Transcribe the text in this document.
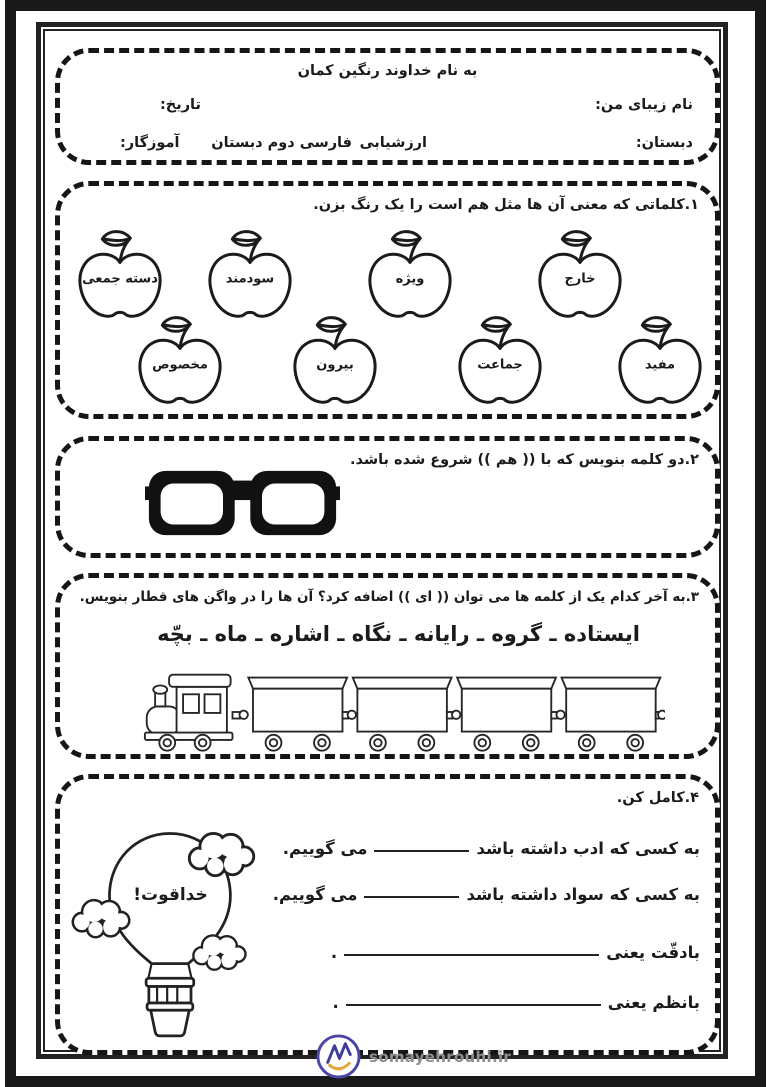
به نام خداوند رنگین کمان
نام زیبای من:
تاریخ:
دبستان:
ارزشیابی
فارسی دوم دبستان
آموزگار:
۱.کلماتی که معنی آن ها مثل هم است را یک رنگ بزن.
خارج
ویژه
سودمند
دسته جمعی
مفید
جماعت
بیرون
مخصوص
۲.دو کلمه بنویس که با (( هم )) شروع شده باشد.
۳.به آخر کدام یک از کلمه ها می توان (( ای )) اضافه کرد؟ آن ها را در واگن های قطار بنویس.
ایستاده ـ گروه ـ رایانه ـ نگاه ـ اشاره ـ ماه ـ بچّه
۴.کامل کن.
خداقوت!
به کسی که ادب داشته باشد
می گوییم.
به کسی که سواد داشته باشد
می گوییم.
بادقّت یعنی
.
بانظم یعنی
.
somayehrouhi.ir
